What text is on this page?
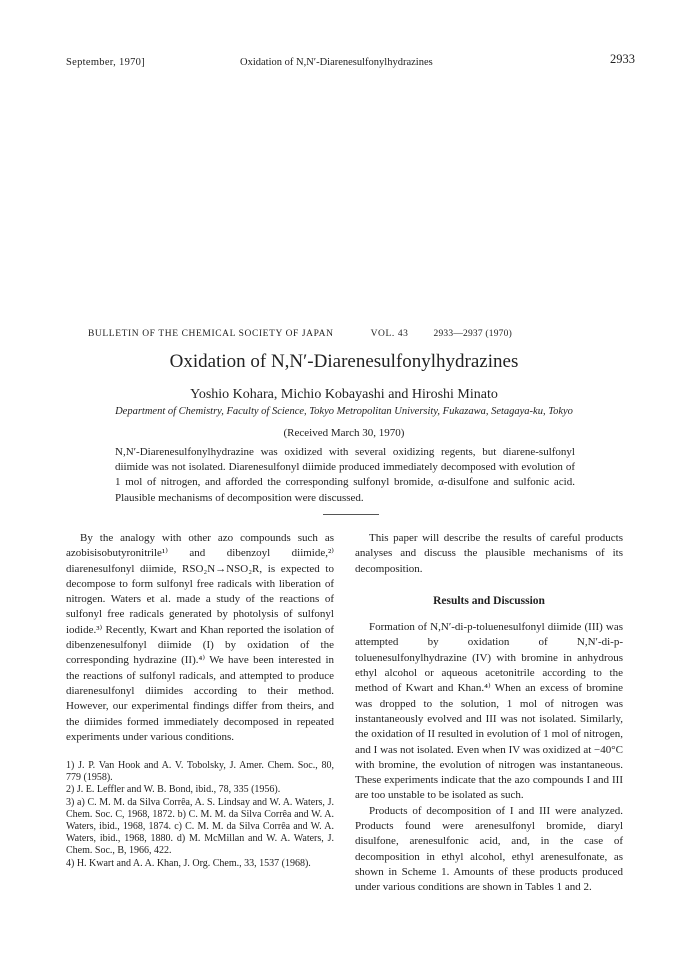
September, 1970]	Oxidation of N,N′-Diarenesulfonylhydrazines	2933
BULLETIN OF THE CHEMICAL SOCIETY OF JAPAN	VOL. 43	2933—2937 (1970)
Oxidation of N,N′-Diarenesulfonylhydrazines
Yoshio Kohara, Michio Kobayashi and Hiroshi Minato
Department of Chemistry, Faculty of Science, Tokyo Metropolitan University, Fukazawa, Setagaya-ku, Tokyo
(Received March 30, 1970)
N,N′-Diarenesulfonylhydrazine was oxidized with several oxidizing regents, but diarene-sulfonyl diimide was not isolated. Diarenesulfonyl diimide produced immediately decomposed with evolution of 1 mol of nitrogen, and afforded the corresponding sulfonyl bromide, α-disulfone and sulfonic acid. Plausible mechanisms of decomposition were discussed.

By the analogy with other azo compounds such as azobisisobutyronitrile¹⁾ and dibenzoyl diimide,²⁾ diarenesulfonyl diimide, RSO₂N→NSO₂R, is expected to decompose to form sulfonyl free radicals with liberation of nitrogen. Waters et al. made a study of the reactions of sulfonyl free radicals generated by photolysis of sulfonyl iodide.³⁾ Recently, Kwart and Khan reported the isolation of dibenzenesulfonyl diimide (I) by oxidation of the corresponding hydrazine (II).⁴⁾ We have been interested in the reactions of sulfonyl radicals, and attempted to produce diarenesulfonyl diimides according to their method. However, our experimental findings differ from theirs, and the diimides formed immediately decomposed in repeated experiments under various conditions.

1) J. P. Van Hook and A. V. Tobolsky, J. Amer. Chem. Soc., 80, 779 (1958).

2) J. E. Leffler and W. B. Bond, ibid., 78, 335 (1956).

3) a) C. M. M. da Silva Corrêa, A. S. Lindsay and W. A. Waters, J. Chem. Soc. C, 1968, 1872. b) C. M. M. da Silva Corrêa and W. A. Waters, ibid., 1968, 1874. c) C. M. M. da Silva Corrêa and W. A. Waters, ibid., 1968, 1880. d) M. McMillan and W. A. Waters, J. Chem. Soc., B, 1966, 422.

4) H. Kwart and A. A. Khan, J. Org. Chem., 33, 1537 (1968).

This paper will describe the results of careful products analyses and discuss the plausible mechanisms of its decomposition.

Results and Discussion

Formation of N,N′-di-p-toluenesulfonyl diimide (III) was attempted by oxidation of N,N′-di-p-toluenesulfonylhydrazine (IV) with bromine in anhydrous ethyl alcohol or aqueous acetonitrile according to the method of Kwart and Khan.⁴⁾ When an excess of bromine was dropped to the solution, 1 mol of nitrogen was instantaneously evolved and III was not isolated. Similarly, the oxidation of II resulted in evolution of 1 mol of nitrogen, and I was not isolated. Even when IV was oxidized at −40°C with bromine, the evolution of nitrogen was instantaneous. These experiments indicate that the azo compounds I and III are too unstable to be isolated as such.

Products of decomposition of I and III were analyzed. Products found were arenesulfonyl bromide, diaryl disulfone, arenesulfonic acid, and, in the case of decomposition in ethyl alcohol, ethyl arenesulfonate, as shown in Scheme 1. Amounts of these products produced under various conditions are shown in Tables 1 and 2.
